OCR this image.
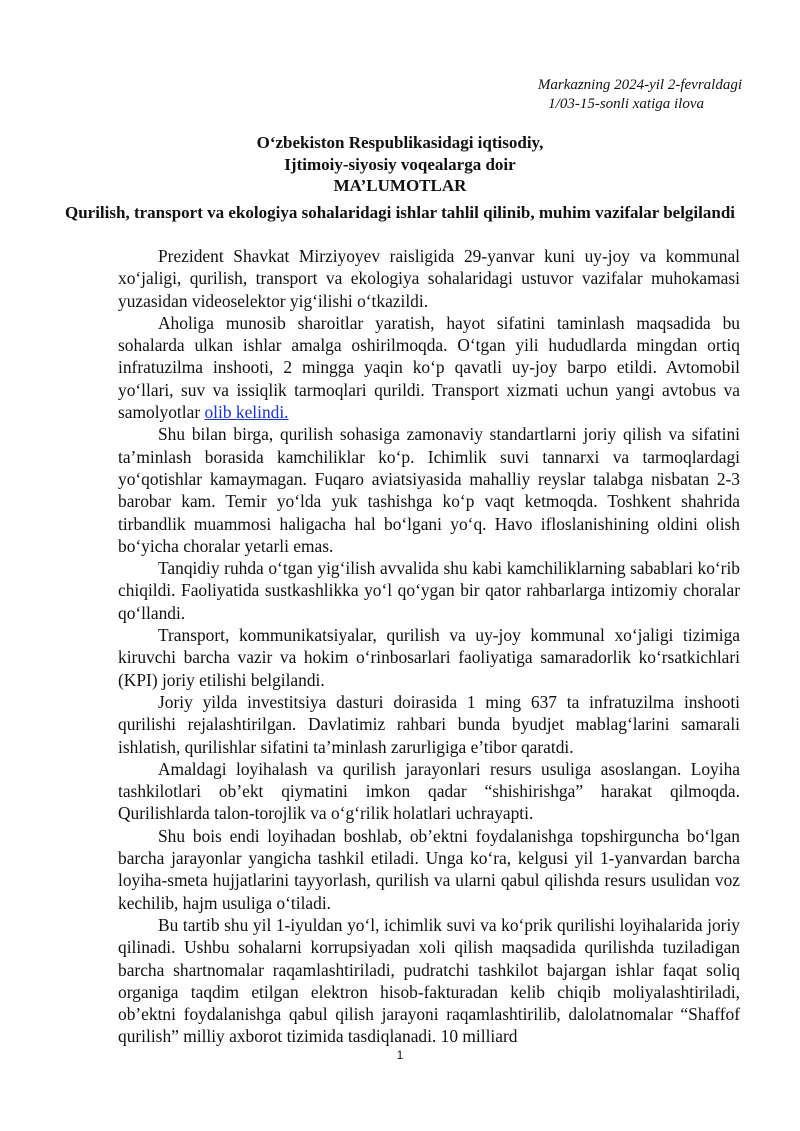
Markazning 2024-yil 2-fevraldagi
1/03-15-sonli xatiga ilova
O‘zbekiston Respublikasidagi iqtisodiy,
Ijtimoiy-siyosiy voqealarga doir
MA’LUMOTLAR
Qurilish, transport va ekologiya sohalaridagi ishlar tahlil qilinib, muhim vazifalar belgilandi

Prezident Shavkat Mirziyoyev raisligida 29-yanvar kuni uy-joy va kommunal xo‘jaligi, qurilish, transport va ekologiya sohalaridagi ustuvor vazifalar muhokamasi yuzasidan videoselektor yig‘ilishi o‘tkazildi.

Aholiga munosib sharoitlar yaratish, hayot sifatini taminlash maqsadida bu sohalarda ulkan ishlar amalga oshirilmoqda. O‘tgan yili hududlarda mingdan ortiq infratuzilma inshooti, 2 mingga yaqin ko‘p qavatli uy-joy barpo etildi. Avtomobil yo‘llari, suv va issiqlik tarmoqlari qurildi. Transport xizmati uchun yangi avtobus va samolyotlar olib kelindi.

Shu bilan birga, qurilish sohasiga zamonaviy standartlarni joriy qilish va sifatini ta’minlash borasida kamchiliklar ko‘p. Ichimlik suvi tannarxi va tarmoqlardagi yo‘qotishlar kamaymagan. Fuqaro aviatsiyasida mahalliy reyslar talabga nisbatan 2-3 barobar kam. Temir yo‘lda yuk tashishga ko‘p vaqt ketmoqda. Toshkent shahrida tirbandlik muammosi haligacha hal bo‘lgani yo‘q. Havo ifloslanishining oldini olish bo‘yicha choralar yetarli emas.

Tanqidiy ruhda o‘tgan yig‘ilish avvalida shu kabi kamchiliklarning sabablari ko‘rib chiqildi. Faoliyatida sustkashlikka yo‘l qo‘ygan bir qator rahbarlarga intizomiy choralar qo‘llandi.

Transport, kommunikatsiyalar, qurilish va uy-joy kommunal xo‘jaligi tizimiga kiruvchi barcha vazir va hokim o‘rinbosarlari faoliyatiga samaradorlik ko‘rsatkichlari (KPI) joriy etilishi belgilandi.

Joriy yilda investitsiya dasturi doirasida 1 ming 637 ta infratuzilma inshooti qurilishi rejalashtirilgan. Davlatimiz rahbari bunda byudjet mablag‘larini samarali ishlatish, qurilishlar sifatini ta’minlash zarurligiga e’tibor qaratdi.

Amaldagi loyihalash va qurilish jarayonlari resurs usuliga asoslangan. Loyiha tashkilotlari ob’ekt qiymatini imkon qadar “shishirishga” harakat qilmoqda. Qurilishlarda talon-torojlik va o‘g‘rilik holatlari uchrayapti.

Shu bois endi loyihadan boshlab, ob’ektni foydalanishga topshirguncha bo‘lgan barcha jarayonlar yangicha tashkil etiladi. Unga ko‘ra, kelgusi yil 1-yanvardan barcha loyiha-smeta hujjatlarini tayyorlash, qurilish va ularni qabul qilishda resurs usulidan voz kechilib, hajm usuliga o‘tiladi.

Bu tartib shu yil 1-iyuldan yo‘l, ichimlik suvi va ko‘prik qurilishi loyihalarida joriy qilinadi. Ushbu sohalarni korrupsiyadan xoli qilish maqsadida qurilishda tuziladigan barcha shartnomalar raqamlashtiriladi, pudratchi tashkilot bajargan ishlar faqat soliq organiga taqdim etilgan elektron hisob-fakturadan kelib chiqib moliyalashtiriladi, ob’ektni foydalanishga qabul qilish jarayoni raqamlashtirilib, dalolatnomalar “Shaffof qurilish” milliy axborot tizimida tasdiqlanadi. 10 milliard

1
